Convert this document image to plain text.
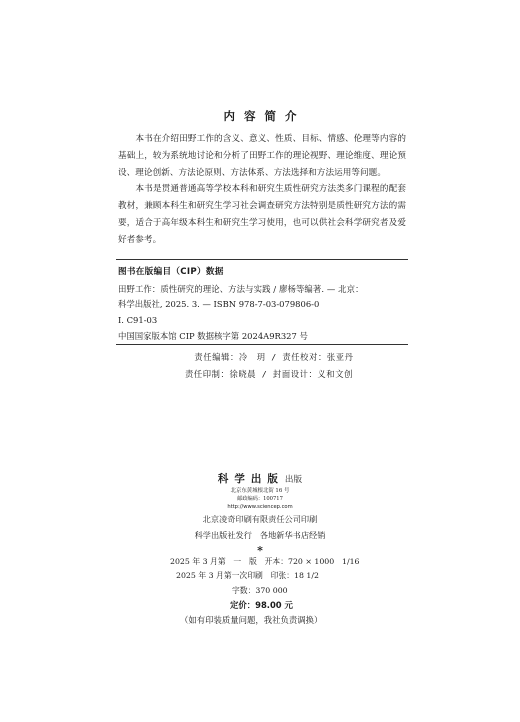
内容简介

本书在介绍田野工作的含义、意义、性质、目标、情感、伦理等内容的基础上，较为系统地讨论和分析了田野工作的理论视野、理论维度、理论预设、理论创新、方法论原则、方法体系、方法选择和方法运用等问题。

本书是贯通普通高等学校本科和研究生质性研究方法类多门课程的配套教材，兼顾本科生和研究生学习社会调查研究方法特别是质性研究方法的需要，适合于高年级本科生和研究生学习使用，也可以供社会科学研究者及爱好者参考。

图书在版编目（CIP）数据
田野工作：质性研究的理论、方法与实践 / 廖杨等编著. — 北京：
科学出版社, 2025. 3. — ISBN 978-7-03-079806-0
Ⅰ. C91-03
中国国家版本馆 CIP 数据核字第 2024A9R327 号
责任编辑：冷　玥 / 责任校对：张亚丹
责任印制：徐晓晨 / 封面设计：义和文创
科学出版出版
北京东黄城根北街 16 号
邮政编码：100717
http://www.sciencep.com
北京凌奇印刷有限责任公司印刷
科学出版社发行 各地新华书店经销
*
2025 年 3 月第　一　版　开本：720 × 1000　1/16
2025 年 3 月第一次印刷　印张：18 1/2
字数：370 000
定价：98.00 元
（如有印装质量问题，我社负责调换）
